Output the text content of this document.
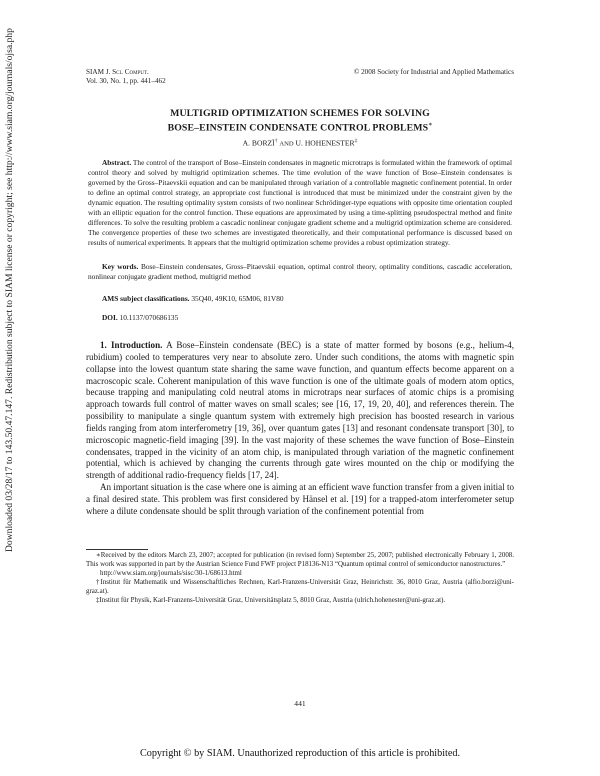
Downloaded 03/28/17 to 143.50.47.147. Redistribution subject to SIAM license or copyright; see http://www.siam.org/journals/ojsa.php	SIAM J. Sci. Comput.
Vol. 30, No. 1, pp. 441–462
© 2008 Society for Industrial and Applied Mathematics
MULTIGRID OPTIMIZATION SCHEMES FOR SOLVING
BOSE–EINSTEIN CONDENSATE CONTROL PROBLEMS∗
A. BORZÌ† AND U. HOHENESTER‡
Abstract. The control of the transport of Bose–Einstein condensates in magnetic microtraps is formulated within the framework of optimal control theory and solved by multigrid optimization schemes. The time evolution of the wave function of Bose–Einstein condensates is governed by the Gross–Pitaevskii equation and can be manipulated through variation of a controllable magnetic confinement potential. In order to define an optimal control strategy, an appropriate cost functional is introduced that must be minimized under the constraint given by the dynamic equation. The resulting optimality system consists of two nonlinear Schrödinger-type equations with opposite time orientation coupled with an elliptic equation for the control function. These equations are approximated by using a time-splitting pseudospectral method and finite differences. To solve the resulting problem a cascadic nonlinear conjugate gradient scheme and a multigrid optimization scheme are considered. The convergence properties of these two schemes are investigated theoretically, and their computational performance is discussed based on results of numerical experiments. It appears that the multigrid optimization scheme provides a robust optimization strategy.
Key words. Bose–Einstein condensates, Gross–Pitaevskii equation, optimal control theory, optimality conditions, cascadic acceleration, nonlinear conjugate gradient method, multigrid method
AMS subject classifications. 35Q40, 49K10, 65M06, 81V80
DOI. 10.1137/070686135

1. Introduction. A Bose–Einstein condensate (BEC) is a state of matter formed by bosons (e.g., helium-4, rubidium) cooled to temperatures very near to absolute zero. Under such conditions, the atoms with magnetic spin collapse into the lowest quantum state sharing the same wave function, and quantum effects become apparent on a macroscopic scale. Coherent manipulation of this wave function is one of the ultimate goals of modern atom optics, because trapping and manipulating cold neutral atoms in microtraps near surfaces of atomic chips is a promising approach towards full control of matter waves on small scales; see [16, 17, 19, 20, 40], and references therein. The possibility to manipulate a single quantum system with extremely high precision has boosted research in various fields ranging from atom interferometry [19, 36], over quantum gates [13] and resonant condensate transport [30], to microscopic magnetic-field imaging [39]. In the vast majority of these schemes the wave function of Bose–Einstein condensates, trapped in the vicinity of an atom chip, is manipulated through variation of the magnetic confinement potential, which is achieved by changing the currents through gate wires mounted on the chip or modifying the strength of additional radio-frequency fields [17, 24].

An important situation is the case where one is aiming at an efficient wave function transfer from a given initial to a final desired state. This problem was first considered by Hänsel et al. [19] for a trapped-atom interferometer setup where a dilute condensate should be split through variation of the confinement potential from

∗Received by the editors March 23, 2007; accepted for publication (in revised form) September 25, 2007; published electronically February 1, 2008. This work was supported in part by the Austrian Science Fund FWF project P18136-N13 “Quantum optimal control of semiconductor nanostructures.”

http://www.siam.org/journals/sisc/30-1/68613.html

†Institut für Mathematik und Wissenschaftliches Rechnen, Karl-Franzens-Universität Graz, Heinrichstr. 36, 8010 Graz, Austria (alfio.borzi@uni-graz.at).

‡Institut für Physik, Karl-Franzens-Universität Graz, Universitätsplatz 5, 8010 Graz, Austria (ulrich.hohenester@uni-graz.at).

441
Copyright © by SIAM. Unauthorized reproduction of this article is prohibited.
